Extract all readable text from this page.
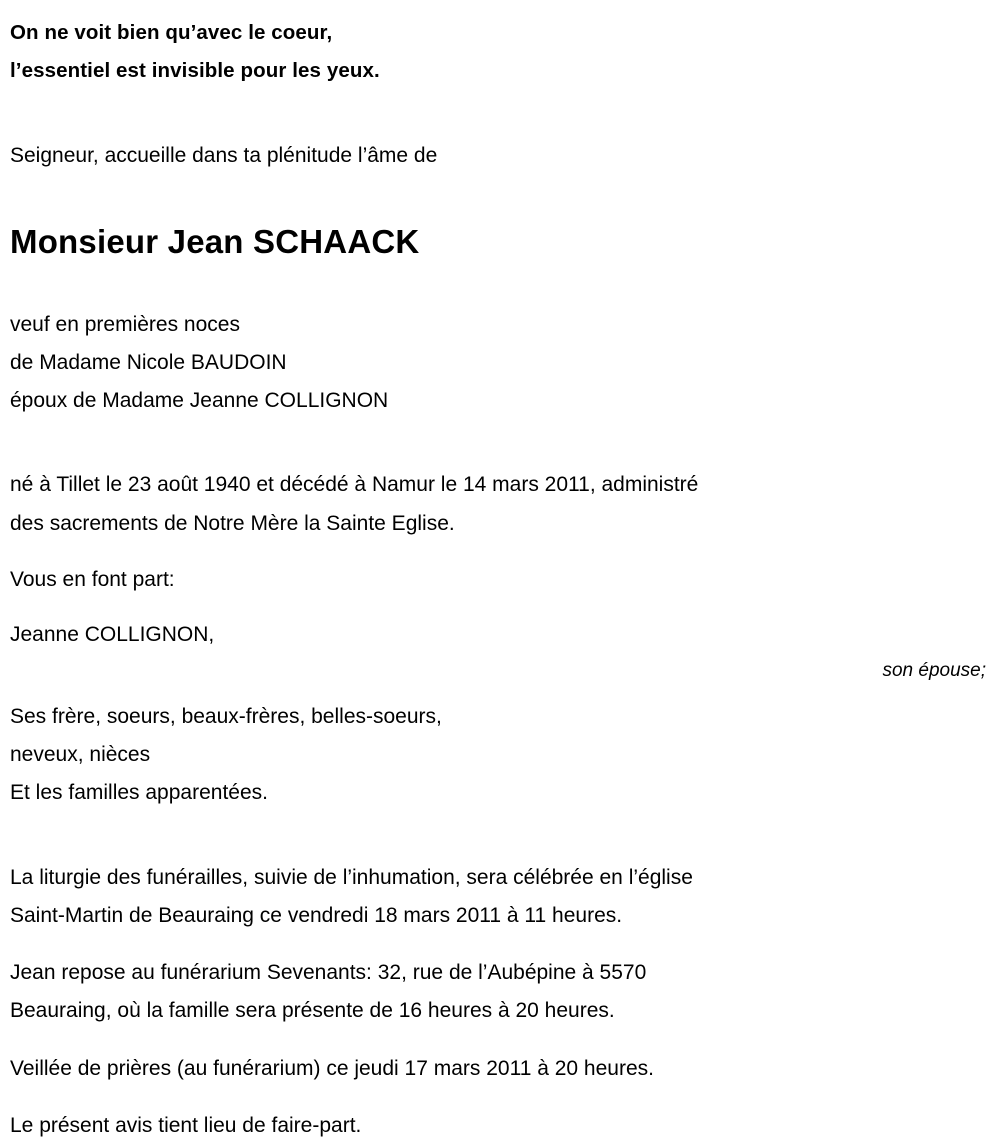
On ne voit bien qu’avec le coeur,
l’essentiel est invisible pour les yeux.
Seigneur, accueille dans ta plénitude l’âme de
Monsieur Jean SCHAACK
veuf en premières noces
de Madame Nicole BAUDOIN
époux de Madame Jeanne COLLIGNON
né à Tillet le 23 août 1940 et décédé à Namur le 14 mars 2011, administré
des sacrements de Notre Mère la Sainte Eglise.
Vous en font part:
Jeanne COLLIGNON,
son épouse;
Ses frère, soeurs, beaux-frères, belles-soeurs,
neveux, nièces
Et les familles apparentées.
La liturgie des funérailles, suivie de l’inhumation, sera célébrée en l’église
Saint-Martin de Beauraing ce vendredi 18 mars 2011 à 11 heures.
Jean repose au funérarium Sevenants: 32, rue de l’Aubépine à 5570
Beauraing, où la famille sera présente de 16 heures à 20 heures.
Veillée de prières (au funérarium) ce jeudi 17 mars 2011 à 20 heures.
Le présent avis tient lieu de faire-part.
